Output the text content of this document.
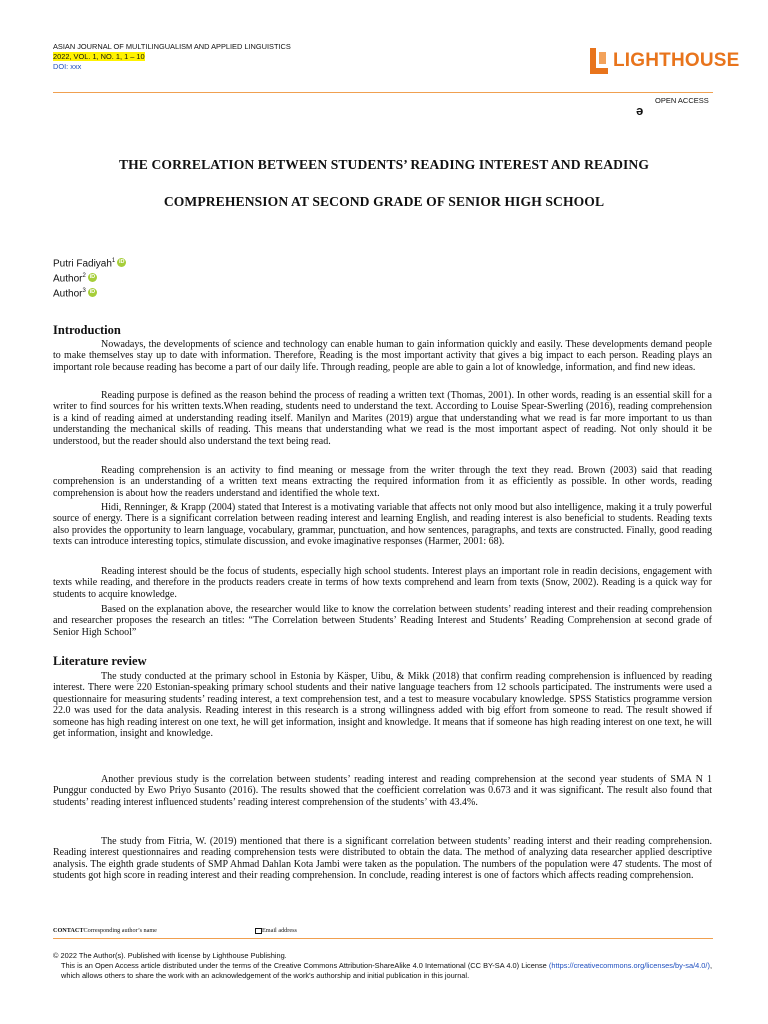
ASIAN JOURNAL OF MULTILINGUALISM AND APPLIED LINGUISTICS
2022, VOL. 1, NO. 1, 1 – 10
DOI: xxx	LIGHTHOUSE
OPEN ACCESS
ə
THE CORRELATION BETWEEN STUDENTS’ READING INTEREST AND READING
COMPREHENSION AT SECOND GRADE OF SENIOR HIGH SCHOOL
Putri Fadiyah$^1$ iD
Author$^2$ iD
Author$^3$ iD
Introduction

Nowadays, the developments of science and technology can enable human to gain information quickly and easily. These developments demand people to make themselves stay up to date with information. Therefore, Reading is the most important activity that gives a big impact to each person. Reading plays an important role because reading has become a part of our daily life. Through reading, people are able to gain a lot of knowledge, information, and find new ideas.

Reading purpose is defined as the reason behind the process of reading a written text (Thomas, 2001). In other words, reading is an essential skill for a writer to find sources for his written texts.When reading, students need to understand the text. According to Louise Spear-Swerling (2016), reading comprehension is a kind of reading aimed at understanding reading itself. Manilyn and Marites (2019) argue that understanding what we read is far more important to us than understanding the mechanical skills of reading. This means that understanding what we read is the most important aspect of reading. Not only should it be understood, but the reader should also understand the text being read.

Reading comprehension is an activity to find meaning or message from the writer through the text they read. Brown (2003) said that reading comprehension is an understanding of a written text means extracting the required information from it as efficiently as possible. In other words, reading comprehension is about how the readers understand and identified the whole text.

Hidi, Renninger, & Krapp (2004) stated that Interest is a motivating variable that affects not only mood but also intelligence, making it a truly powerful source of energy. There is a significant correlation between reading interest and learning English, and reading interest is also beneficial to students. Reading texts also provides the opportunity to learn language, vocabulary, grammar, punctuation, and how sentences, paragraphs, and texts are constructed. Finally, good reading texts can introduce interesting topics, stimulate discussion, and evoke imaginative responses (Harmer, 2001: 68).

Reading interest should be the focus of students, especially high school students. Interest plays an important role in readin decisions, engagement with texts while reading, and therefore in the products readers create in terms of how texts comprehend and learn from texts (Snow, 2002). Reading is a quick way for students to acquire knowledge.

Based on the explanation above, the researcher would like to know the correlation between students’ reading interest and their reading comprehension and researcher proposes the research an titles: “The Correlation between Students’ Reading Interest and Students’ Reading Comprehension at second grade of Senior High School”

Literature review

The study conducted at the primary school in Estonia by Käsper, Uibu, & Mikk (2018) that confirm reading comprehension is influenced by reading interest. There were 220 Estonian-speaking primary school students and their native language teachers from 12 schools participated. The instruments were used a questionnaire for measuring students’ reading interest, a text comprehension test, and a test to measure vocabulary knowledge. SPSS Statistics programme version 22.0 was used for the data analysis. Reading interest in this research is a strong willingness added with big effort from someone to read. The result showed if someone has high reading interest on one text, he will get information, insight and knowledge. It means that if someone has high reading interest on one text, he will get information, insight and knowledge.

Another previous study is the correlation between students’ reading interest and reading comprehension at the second year students of SMA N 1 Punggur conducted by Ewo Priyo Susanto (2016). The results showed that the coefficient correlation was 0.673 and it was significant. The result also found that students’ reading interest influenced students’ reading interest comprehension of the students’ with 43.4%.

The study from Fitria, W. (2019) mentioned that there is a significant correlation between students’ reading interst and their reading comprehension. Reading interest questionnaires and reading comprehension tests were distributed to obtain the data. The method of analyzing data researcher applied descriptive analysis. The eighth grade students of SMP Ahmad Dahlan Kota Jambi were taken as the population. The numbers of the population were 47 students. The most of students got high score in reading interest and their reading comprehension. In conclude, reading interest is one of factors which affects reading comprehension.

CONTACTCorresponding author’s name	Email address
© 2022 The Author(s). Published with license by Lighthouse Publishing.
This is an Open Access article distributed under the terms of the Creative Commons Attribution-ShareAlike 4.0 International (CC BY-SA 4.0) License (https://creativecommons.org/licenses/by-sa/4.0/), which allows others to share the work with an acknowledgement of the work's authorship and initial publication in this journal.
